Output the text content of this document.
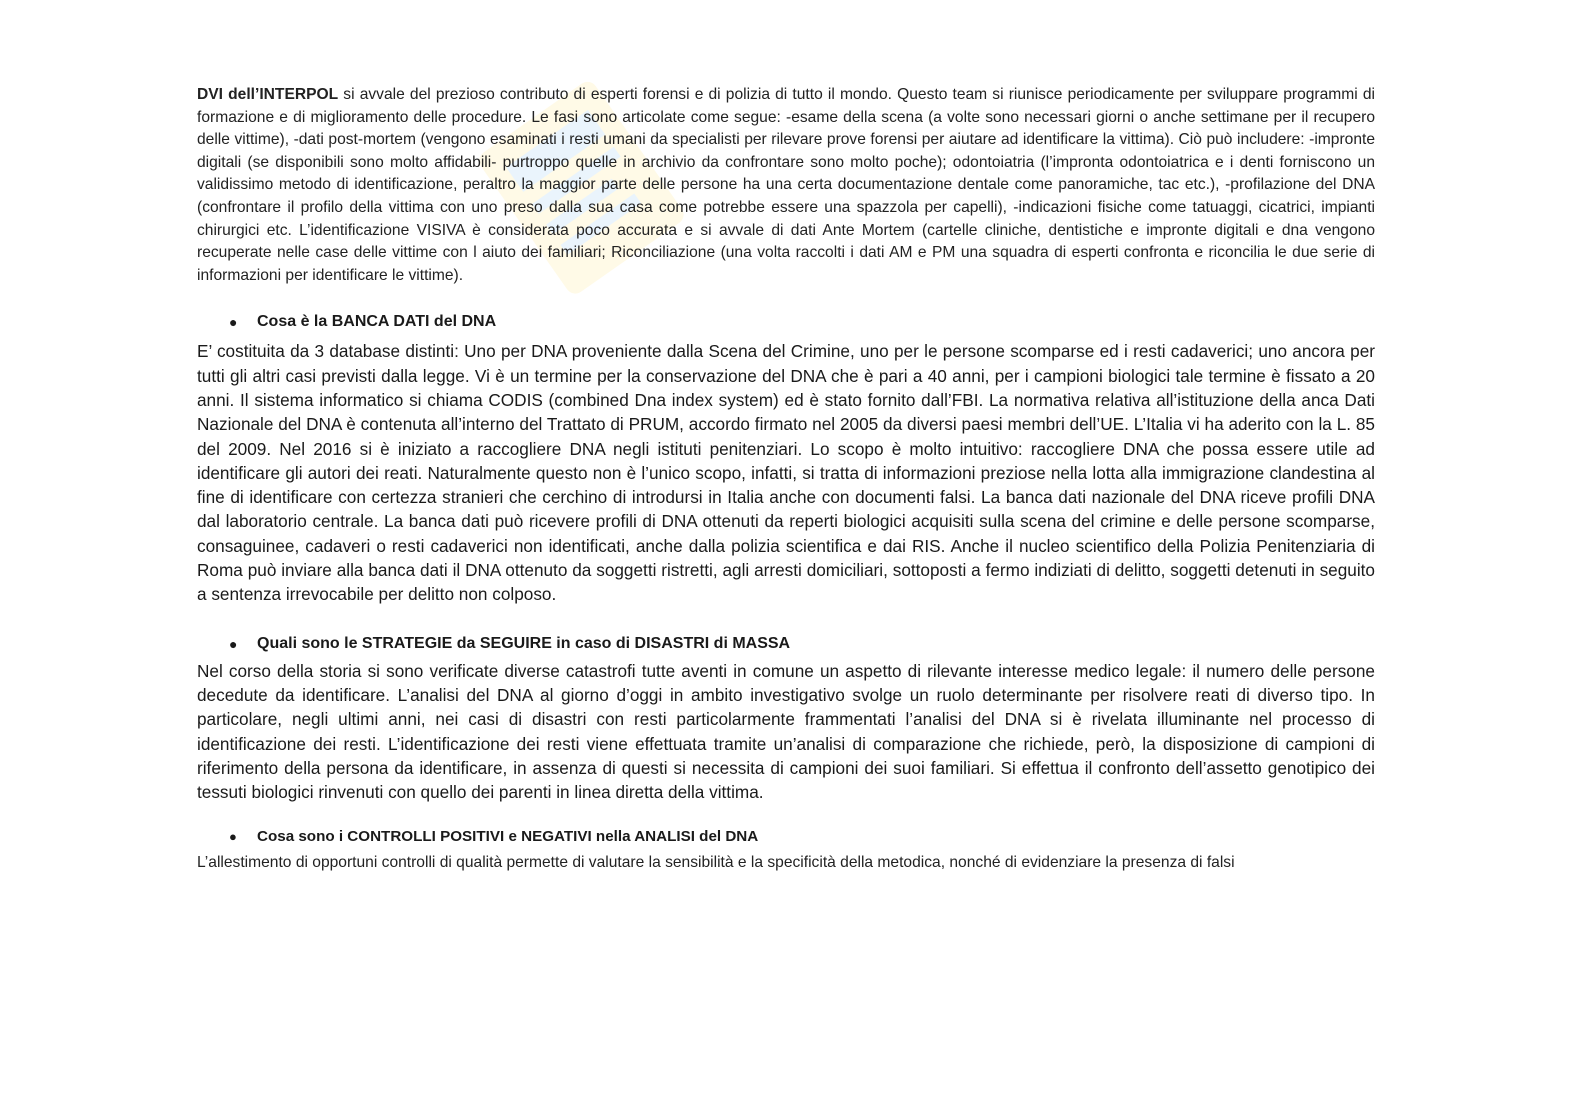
DVI dell’INTERPOL si avvale del prezioso contributo di esperti forensi e di polizia di tutto il mondo. Questo team si riunisce periodicamente per sviluppare programmi di formazione e di miglioramento delle procedure. Le fasi sono articolate come segue: -esame della scena (a volte sono necessari giorni o anche settimane per il recupero delle vittime), -dati post-mortem (vengono esaminati i resti umani da specialisti per rilevare prove forensi per aiutare ad identificare la vittima). Ciò può includere: -impronte digitali (se disponibili sono molto affidabili- purtroppo quelle in archivio da confrontare sono molto poche); odontoiatria (l’impronta odontoiatrica e i denti forniscono un validissimo metodo di identificazione, peraltro la maggior parte delle persone ha una certa documentazione dentale come panoramiche, tac etc.), -profilazione del DNA (confrontare il profilo della vittima con uno preso dalla sua casa come potrebbe essere una spazzola per capelli), -indicazioni fisiche come tatuaggi, cicatrici, impianti chirurgici etc. L’identificazione VISIVA è considerata poco accurata e si avvale di dati Ante Mortem (cartelle cliniche, dentistiche e impronte digitali e dna vengono recuperate nelle case delle vittime con l aiuto dei familiari; Riconciliazione (una volta raccolti i dati AM e PM una squadra di esperti confronta e riconcilia le due serie di informazioni per identificare le vittime).

● Cosa è la BANCA DATI del DNA

E’ costituita da 3 database distinti: Uno per DNA proveniente dalla Scena del Crimine, uno per le persone scomparse ed i resti cadaverici; uno ancora per tutti gli altri casi previsti dalla legge. Vi è un termine per la conservazione del DNA che è pari a 40 anni, per i campioni biologici tale termine è fissato a 20 anni. Il sistema informatico si chiama CODIS (combined Dna index system) ed è stato fornito dall’FBI. La normativa relativa all’istituzione della anca Dati Nazionale del DNA è contenuta all’interno del Trattato di PRUM, accordo firmato nel 2005 da diversi paesi membri dell’UE. L’Italia vi ha aderito con la L. 85 del 2009. Nel 2016 si è iniziato a raccogliere DNA negli istituti penitenziari. Lo scopo è molto intuitivo: raccogliere DNA che possa essere utile ad identificare gli autori dei reati. Naturalmente questo non è l’unico scopo, infatti, si tratta di informazioni preziose nella lotta alla immigrazione clandestina al fine di identificare con certezza stranieri che cerchino di introdursi in Italia anche con documenti falsi. La banca dati nazionale del DNA riceve profili DNA dal laboratorio centrale. La banca dati può ricevere profili di DNA ottenuti da reperti biologici acquisiti sulla scena del crimine e delle persone scomparse, consaguinee, cadaveri o resti cadaverici non identificati, anche dalla polizia scientifica e dai RIS. Anche il nucleo scientifico della Polizia Penitenziaria di Roma può inviare alla banca dati il DNA ottenuto da soggetti ristretti, agli arresti domiciliari, sottoposti a fermo indiziati di delitto, soggetti detenuti in seguito a sentenza irrevocabile per delitto non colposo.

● Quali sono le STRATEGIE da SEGUIRE in caso di DISASTRI di MASSA

Nel corso della storia si sono verificate diverse catastrofi tutte aventi in comune un aspetto di rilevante interesse medico legale: il numero delle persone decedute da identificare. L’analisi del DNA al giorno d’oggi in ambito investigativo svolge un ruolo determinante per risolvere reati di diverso tipo. In particolare, negli ultimi anni, nei casi di disastri con resti particolarmente frammentati l’analisi del DNA si è rivelata illuminante nel processo di identificazione dei resti. L’identificazione dei resti viene effettuata tramite un’analisi di comparazione che richiede, però, la disposizione di campioni di riferimento della persona da identificare, in assenza di questi si necessita di campioni dei suoi familiari. Si effettua il confronto dell’assetto genotipico dei tessuti biologici rinvenuti con quello dei parenti in linea diretta della vittima.

● Cosa sono i CONTROLLI POSITIVI e NEGATIVI nella ANALISI del DNA

L’allestimento di opportuni controlli di qualità permette di valutare la sensibilità e la specificità della metodica, nonché di evidenziare la presenza di falsi
